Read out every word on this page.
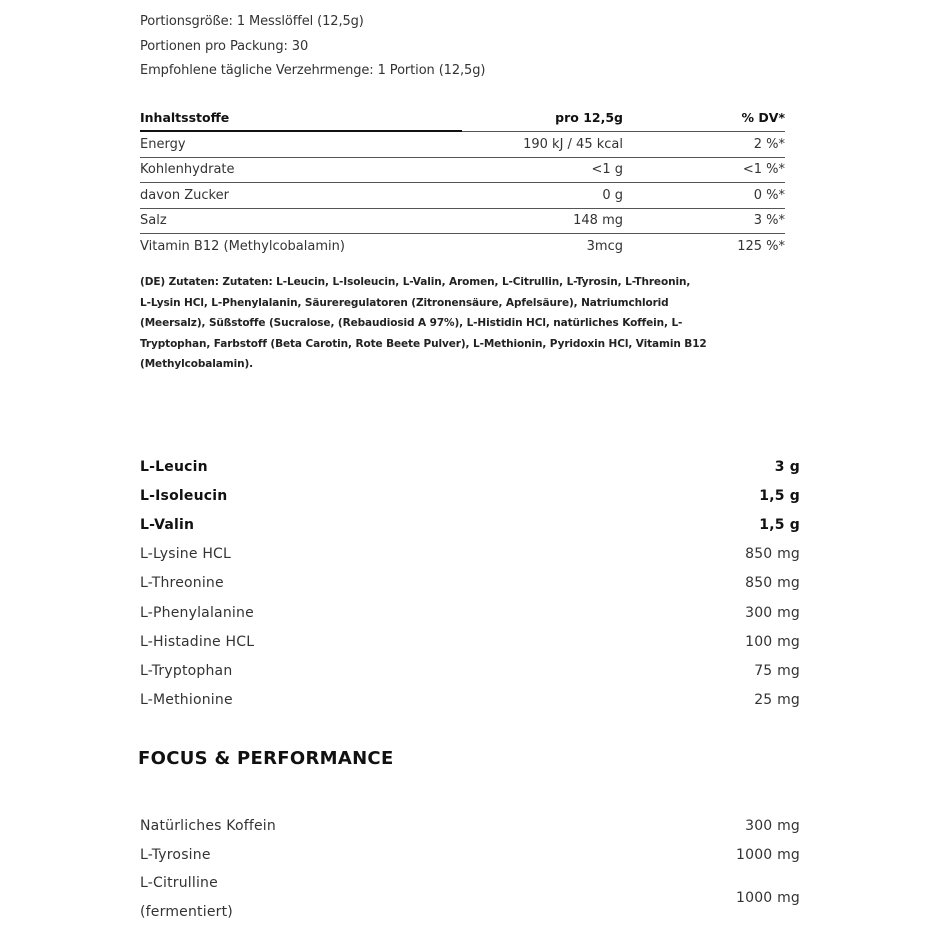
Portionsgröße: 1 Messlöffel (12,5g)
Portionen pro Packung: 30
Empfohlene tägliche Verzehrmenge: 1 Portion (12,5g)
Inhaltsstoffe	pro 12,5g	% DV*
Energy	190 kJ / 45 kcal	2 %*
Kohlenhydrate	<1 g	<1 %*
davon Zucker	0 g	0 %*
Salz	148 mg	3 %*
Vitamin B12 (Methylcobalamin)	3mcg	125 %*
(DE) Zutaten: Zutaten: L-Leucin, L-Isoleucin, L-Valin, Aromen, L-Citrullin, L-Tyrosin, L-Threonin,
L-Lysin HCl, L-Phenylalanin, Säureregulatoren (Zitronensäure, Apfelsäure), Natriumchlorid
(Meersalz), Süßstoffe (Sucralose, (Rebaudiosid A 97%), L-Histidin HCl, natürliches Koffein, L-
Tryptophan, Farbstoff (Beta Carotin, Rote Beete Pulver), L-Methionin, Pyridoxin HCl, Vitamin B12
(Methylcobalamin).
L-Leucin	3 g
L-Isoleucin	1,5 g
L-Valin	1,5 g
L-Lysine HCL	850 mg
L-Threonine	850 mg
L-Phenylalanine	300 mg
L-Histadine HCL	100 mg
L-Tryptophan	75 mg
L-Methionine	25 mg
FOCUS & PERFORMANCE
Natürliches Koffein	300 mg
L-Tyrosine	1000 mg
L-Citrulline
(fermentiert)
1000 mg
